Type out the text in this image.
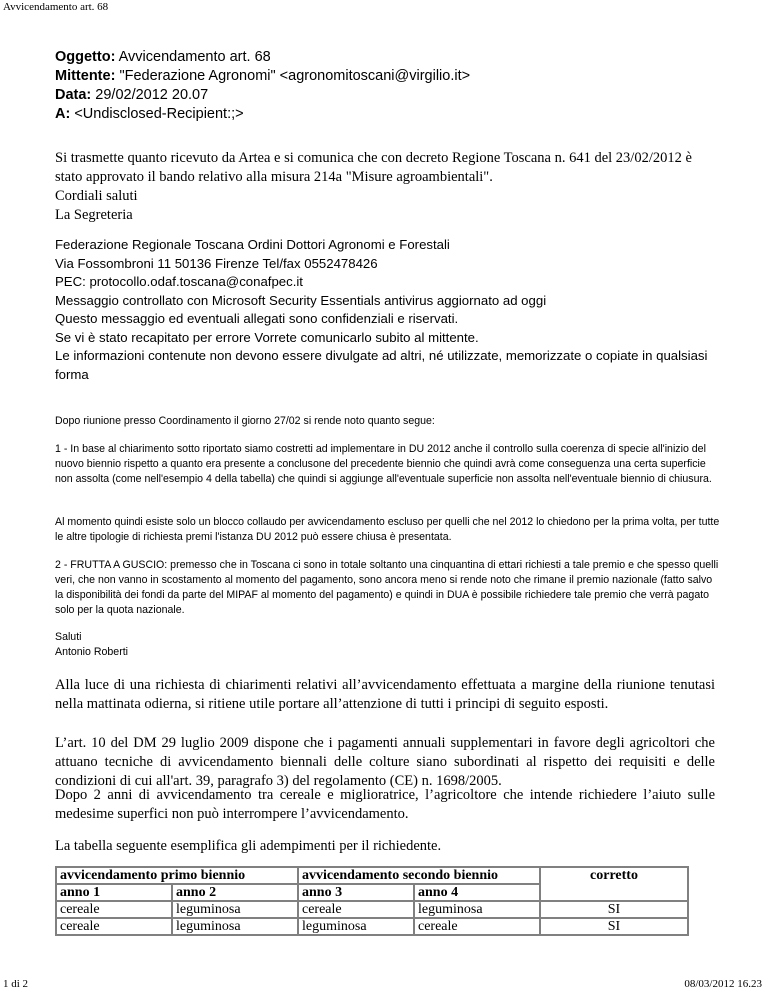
Avvicendamento art. 68
Oggetto: Avvicendamento art. 68
Mittente: "Federazione Agronomi" <agronomitoscani@virgilio.it>
Data: 29/02/2012 20.07
A: <Undisclosed-Recipient:;>

Si trasmette quanto ricevuto da Artea e si comunica che con decreto Regione Toscana n. 641 del 23/02/2012 è stato approvato il bando relativo alla misura 214a "Misure agroambientali".

Cordiali saluti

La Segreteria

Federazione Regionale Toscana Ordini Dottori Agronomi e Forestali

Via Fossombroni 11 50136 Firenze Tel/fax 0552478426

PEC: protocollo.odaf.toscana@conafpec.it

Messaggio controllato con Microsoft Security Essentials antivirus aggiornato ad oggi

Questo messaggio ed eventuali allegati sono confidenziali e riservati.

Se vi è stato recapitato per errore Vorrete comunicarlo subito al mittente.

Le informazioni contenute non devono essere divulgate ad altri, né utilizzate, memorizzate o copiate in qualsiasi forma

Dopo riunione presso Coordinamento il giorno 27/02 si rende noto quanto segue:

1 - In base al chiarimento sotto riportato siamo costretti ad implementare in DU 2012 anche il controllo sulla coerenza di specie all'inizio del nuovo biennio rispetto a quanto era presente a conclusone del precedente biennio che quindi avrà come conseguenza una certa superficie non assolta (come nell'esempio 4 della tabella) che quindi si aggiunge all'eventuale superficie non assolta nell'eventuale biennio di chiusura.

Al momento quindi esiste solo un blocco collaudo per avvicendamento escluso per quelli che nel 2012 lo chiedono per la prima volta, per tutte le altre tipologie di richiesta premi l'istanza DU 2012 può essere chiusa è presentata.

2 - FRUTTA A GUSCIO: premesso che in Toscana ci sono in totale soltanto una cinquantina di ettari richiesti a tale premio e che spesso quelli veri, che non vanno in scostamento al momento del pagamento, sono ancora meno si rende noto che rimane il premio nazionale (fatto salvo la disponibilità dei fondi da parte del MIPAF al momento del pagamento) e quindi in DUA è possibile richiedere tale premio che verrà pagato solo per la quota nazionale.

Saluti

Antonio Roberti

Alla luce di una richiesta di chiarimenti relativi all’avvicendamento effettuata a margine della riunione tenutasi nella mattinata odierna, si ritiene utile portare all’attenzione di tutti i principi di seguito esposti.
L’art. 10 del DM 29 luglio 2009 dispone che i pagamenti annuali supplementari in favore degli agricoltori che attuano tecniche di avvicendamento biennali delle colture siano subordinati al rispetto dei requisiti e delle condizioni di cui all'art. 39, paragrafo 3) del regolamento (CE) n. 1698/2005.
Dopo 2 anni di avvicendamento tra cereale e miglioratrice, l’agricoltore che intende richiedere l’aiuto sulle medesime superfici non può interrompere l’avvicendamento.
La tabella seguente esemplifica gli adempimenti per il richiedente.
avvicendamento primo biennio		avvicendamento secondo biennio		corretto
anno 1	anno 2	anno 3	anno 4	
cereale	leguminosa	cereale	leguminosa	SI
cereale	leguminosa	leguminosa	cereale	SI
1 di 2	08/03/2012 16.23
